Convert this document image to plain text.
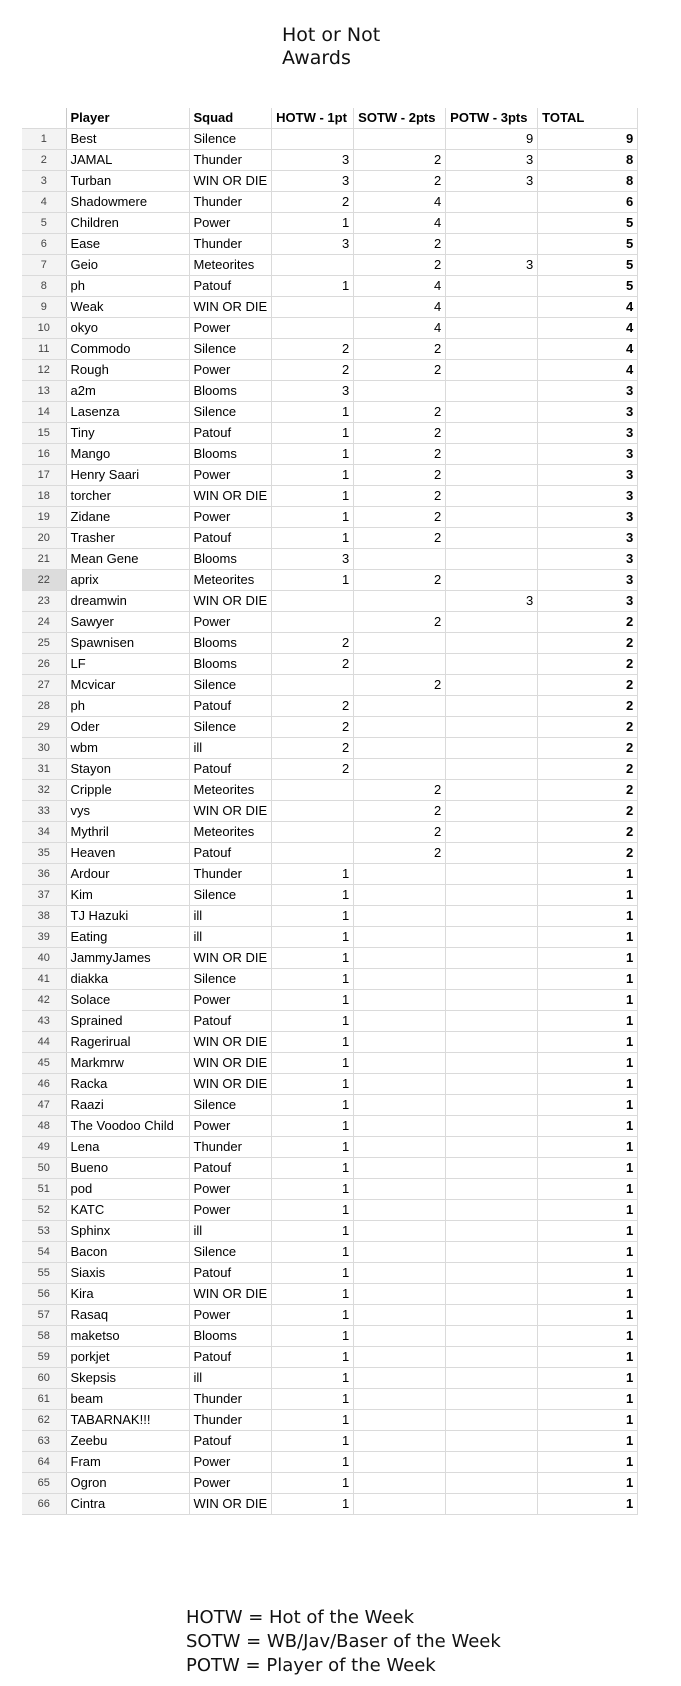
Hot or Not
Awards
	Player	Squad	HOTW - 1pt	SOTW - 2pts	POTW - 3pts	TOTAL
1	Best	Silence			9	9
2	JAMAL	Thunder	3	2	3	8
3	Turban	WIN OR DIE	3	2	3	8
4	Shadowmere	Thunder	2	4		6
5	Children	Power	1	4		5
6	Ease	Thunder	3	2		5
7	Geio	Meteorites		2	3	5
8	ph	Patouf	1	4		5
9	Weak	WIN OR DIE		4		4
10	okyo	Power		4		4
11	Commodo	Silence	2	2		4
12	Rough	Power	2	2		4
13	a2m	Blooms	3			3
14	Lasenza	Silence	1	2		3
15	Tiny	Patouf	1	2		3
16	Mango	Blooms	1	2		3
17	Henry Saari	Power	1	2		3
18	torcher	WIN OR DIE	1	2		3
19	Zidane	Power	1	2		3
20	Trasher	Patouf	1	2		3
21	Mean Gene	Blooms	3			3
22	aprix	Meteorites	1	2		3
23	dreamwin	WIN OR DIE			3	3
24	Sawyer	Power		2		2
25	Spawnisen	Blooms	2			2
26	LF	Blooms	2			2
27	Mcvicar	Silence		2		2
28	ph	Patouf	2			2
29	Oder	Silence	2			2
30	wbm	ill	2			2
31	Stayon	Patouf	2			2
32	Cripple	Meteorites		2		2
33	vys	WIN OR DIE		2		2
34	Mythril	Meteorites		2		2
35	Heaven	Patouf		2		2
36	Ardour	Thunder	1			1
37	Kim	Silence	1			1
38	TJ Hazuki	ill	1			1
39	Eating	ill	1			1
40	JammyJames	WIN OR DIE	1			1
41	diakka	Silence	1			1
42	Solace	Power	1			1
43	Sprained	Patouf	1			1
44	Ragerirual	WIN OR DIE	1			1
45	Markmrw	WIN OR DIE	1			1
46	Racka	WIN OR DIE	1			1
47	Raazi	Silence	1			1
48	The Voodoo Child	Power	1			1
49	Lena	Thunder	1			1
50	Bueno	Patouf	1			1
51	pod	Power	1			1
52	KATC	Power	1			1
53	Sphinx	ill	1			1
54	Bacon	Silence	1			1
55	Siaxis	Patouf	1			1
56	Kira	WIN OR DIE	1			1
57	Rasaq	Power	1			1
58	maketso	Blooms	1			1
59	porkjet	Patouf	1			1
60	Skepsis	ill	1			1
61	beam	Thunder	1			1
62	TABARNAK!!!	Thunder	1			1
63	Zeebu	Patouf	1			1
64	Fram	Power	1			1
65	Ogron	Power	1			1
66	Cintra	WIN OR DIE	1			1
HOTW = Hot of the Week
SOTW = WB/Jav/Baser of the Week
POTW = Player of the Week
